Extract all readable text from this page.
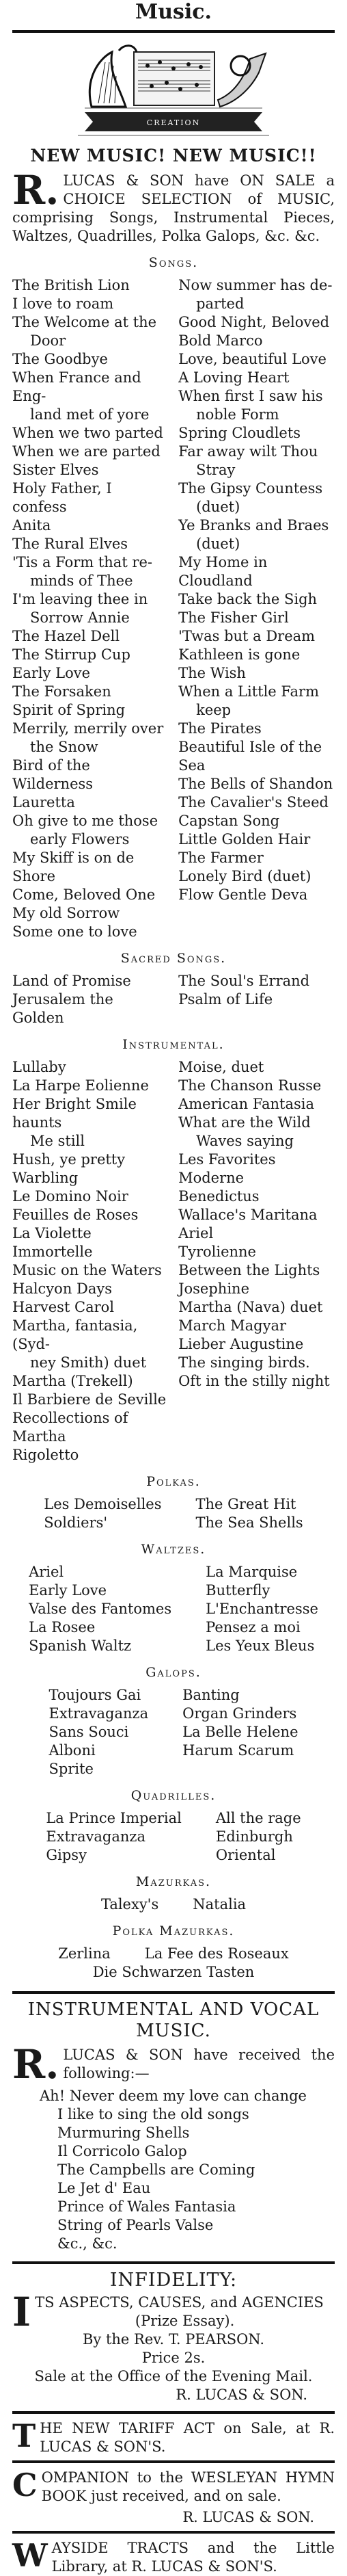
Music.
CREATION
NEW MUSIC! NEW MUSIC!!
R. LUCAS & SON have ON SALE a CHOICE SELECTION of MUSIC, comprising Songs, Instrumental Pieces, Waltzes, Quadrilles, Polka Galops, &c. &c.

Songs.
The British Lion
I love to roam
The Welcome at the
Door
The Goodbye
When France and Eng-
land met of yore
When we two parted
When we are parted
Sister Elves
Holy Father, I confess
Anita
The Rural Elves
'Tis a Form that re-
minds of Thee
I'm leaving thee in
Sorrow Annie
The Hazel Dell
The Stirrup Cup
Early Love
The Forsaken
Spirit of Spring
Merrily, merrily over
the Snow
Bird of the Wilderness
Lauretta
Oh give to me those
early Flowers
My Skiff is on de Shore
Come, Beloved One
My old Sorrow
Some one to love
Now summer has de-
parted
Good Night, Beloved
Bold Marco
Love, beautiful Love
A Loving Heart
When first I saw his
noble Form
Spring Cloudlets
Far away wilt Thou
Stray
The Gipsy Countess
(duet)
Ye Branks and Braes
(duet)
My Home in Cloudland
Take back the Sigh
The Fisher Girl
'Twas but a Dream
Kathleen is gone
The Wish
When a Little Farm
keep
The Pirates
Beautiful Isle of the Sea
The Bells of Shandon
The Cavalier's Steed
Capstan Song
Little Golden Hair
The Farmer
Lonely Bird (duet)
Flow Gentle Deva
Sacred Songs.
Land of Promise
Jerusalem the Golden
The Soul's Errand
Psalm of Life
Instrumental.
Lullaby
La Harpe Eolienne
Her Bright Smile haunts
Me still
Hush, ye pretty Warbling
Le Domino Noir
Feuilles de Roses
La Violette Immortelle
Music on the Waters
Halcyon Days
Harvest Carol
Martha, fantasia, (Syd-
ney Smith) duet
Martha (Trekell)
Il Barbiere de Seville
Recollections of Martha
Rigoletto
Moise, duet
The Chanson Russe
American Fantasia
What are the Wild
Waves saying
Les Favorites Moderne
Benedictus
Wallace's Maritana
Ariel
Tyrolienne
Between the Lights
Josephine
Martha (Nava) duet
March Magyar
Lieber Augustine
The singing birds.
Oft in the stilly night
Polkas.
Les Demoiselles
Soldiers'
The Great Hit
The Sea Shells
Waltzes.
Ariel
Early Love
Valse des Fantomes
La Rosee
Spanish Waltz
La Marquise
Butterfly
L'Enchantresse
Pensez a moi
Les Yeux Bleus
Galops.
Toujours Gai
Extravaganza
Sans Souci
Alboni
Sprite
Banting
Organ Grinders
La Belle Helene
Harum Scarum
Quadrilles.
La Prince Imperial
Extravaganza
Gipsy
All the rage
Edinburgh
Oriental
Mazurkas.
Talexy's Natalia
Polka Mazurkas.
Zerlina La Fee des Roseaux
Die Schwarzen Tasten
INSTRUMENTAL AND VOCAL MUSIC.
R. LUCAS & SON have received the following:—

Ah! Never deem my love can change
I like to sing the old songs
Murmuring Shells
Il Corricolo Galop
The Campbells are Coming
Le Jet d' Eau
Prince of Wales Fantasia
String of Pearls Valse
&c., &c.
INFIDELITY:
I TS ASPECTS, CAUSES, and AGENCIES
(Prize Essay).
By the Rev. T. PEARSON.
Price 2s.
Sale at the Office of the Evening Mail.
R. LUCAS & SON.
T HE NEW TARIFF ACT on Sale, at R. LUCAS & SON'S.

C OMPANION to the WESLEYAN HYMN BOOK just received, and on sale.

R. LUCAS & SON.
W AYSIDE TRACTS and the Little Library, at R. LUCAS & SON'S.
